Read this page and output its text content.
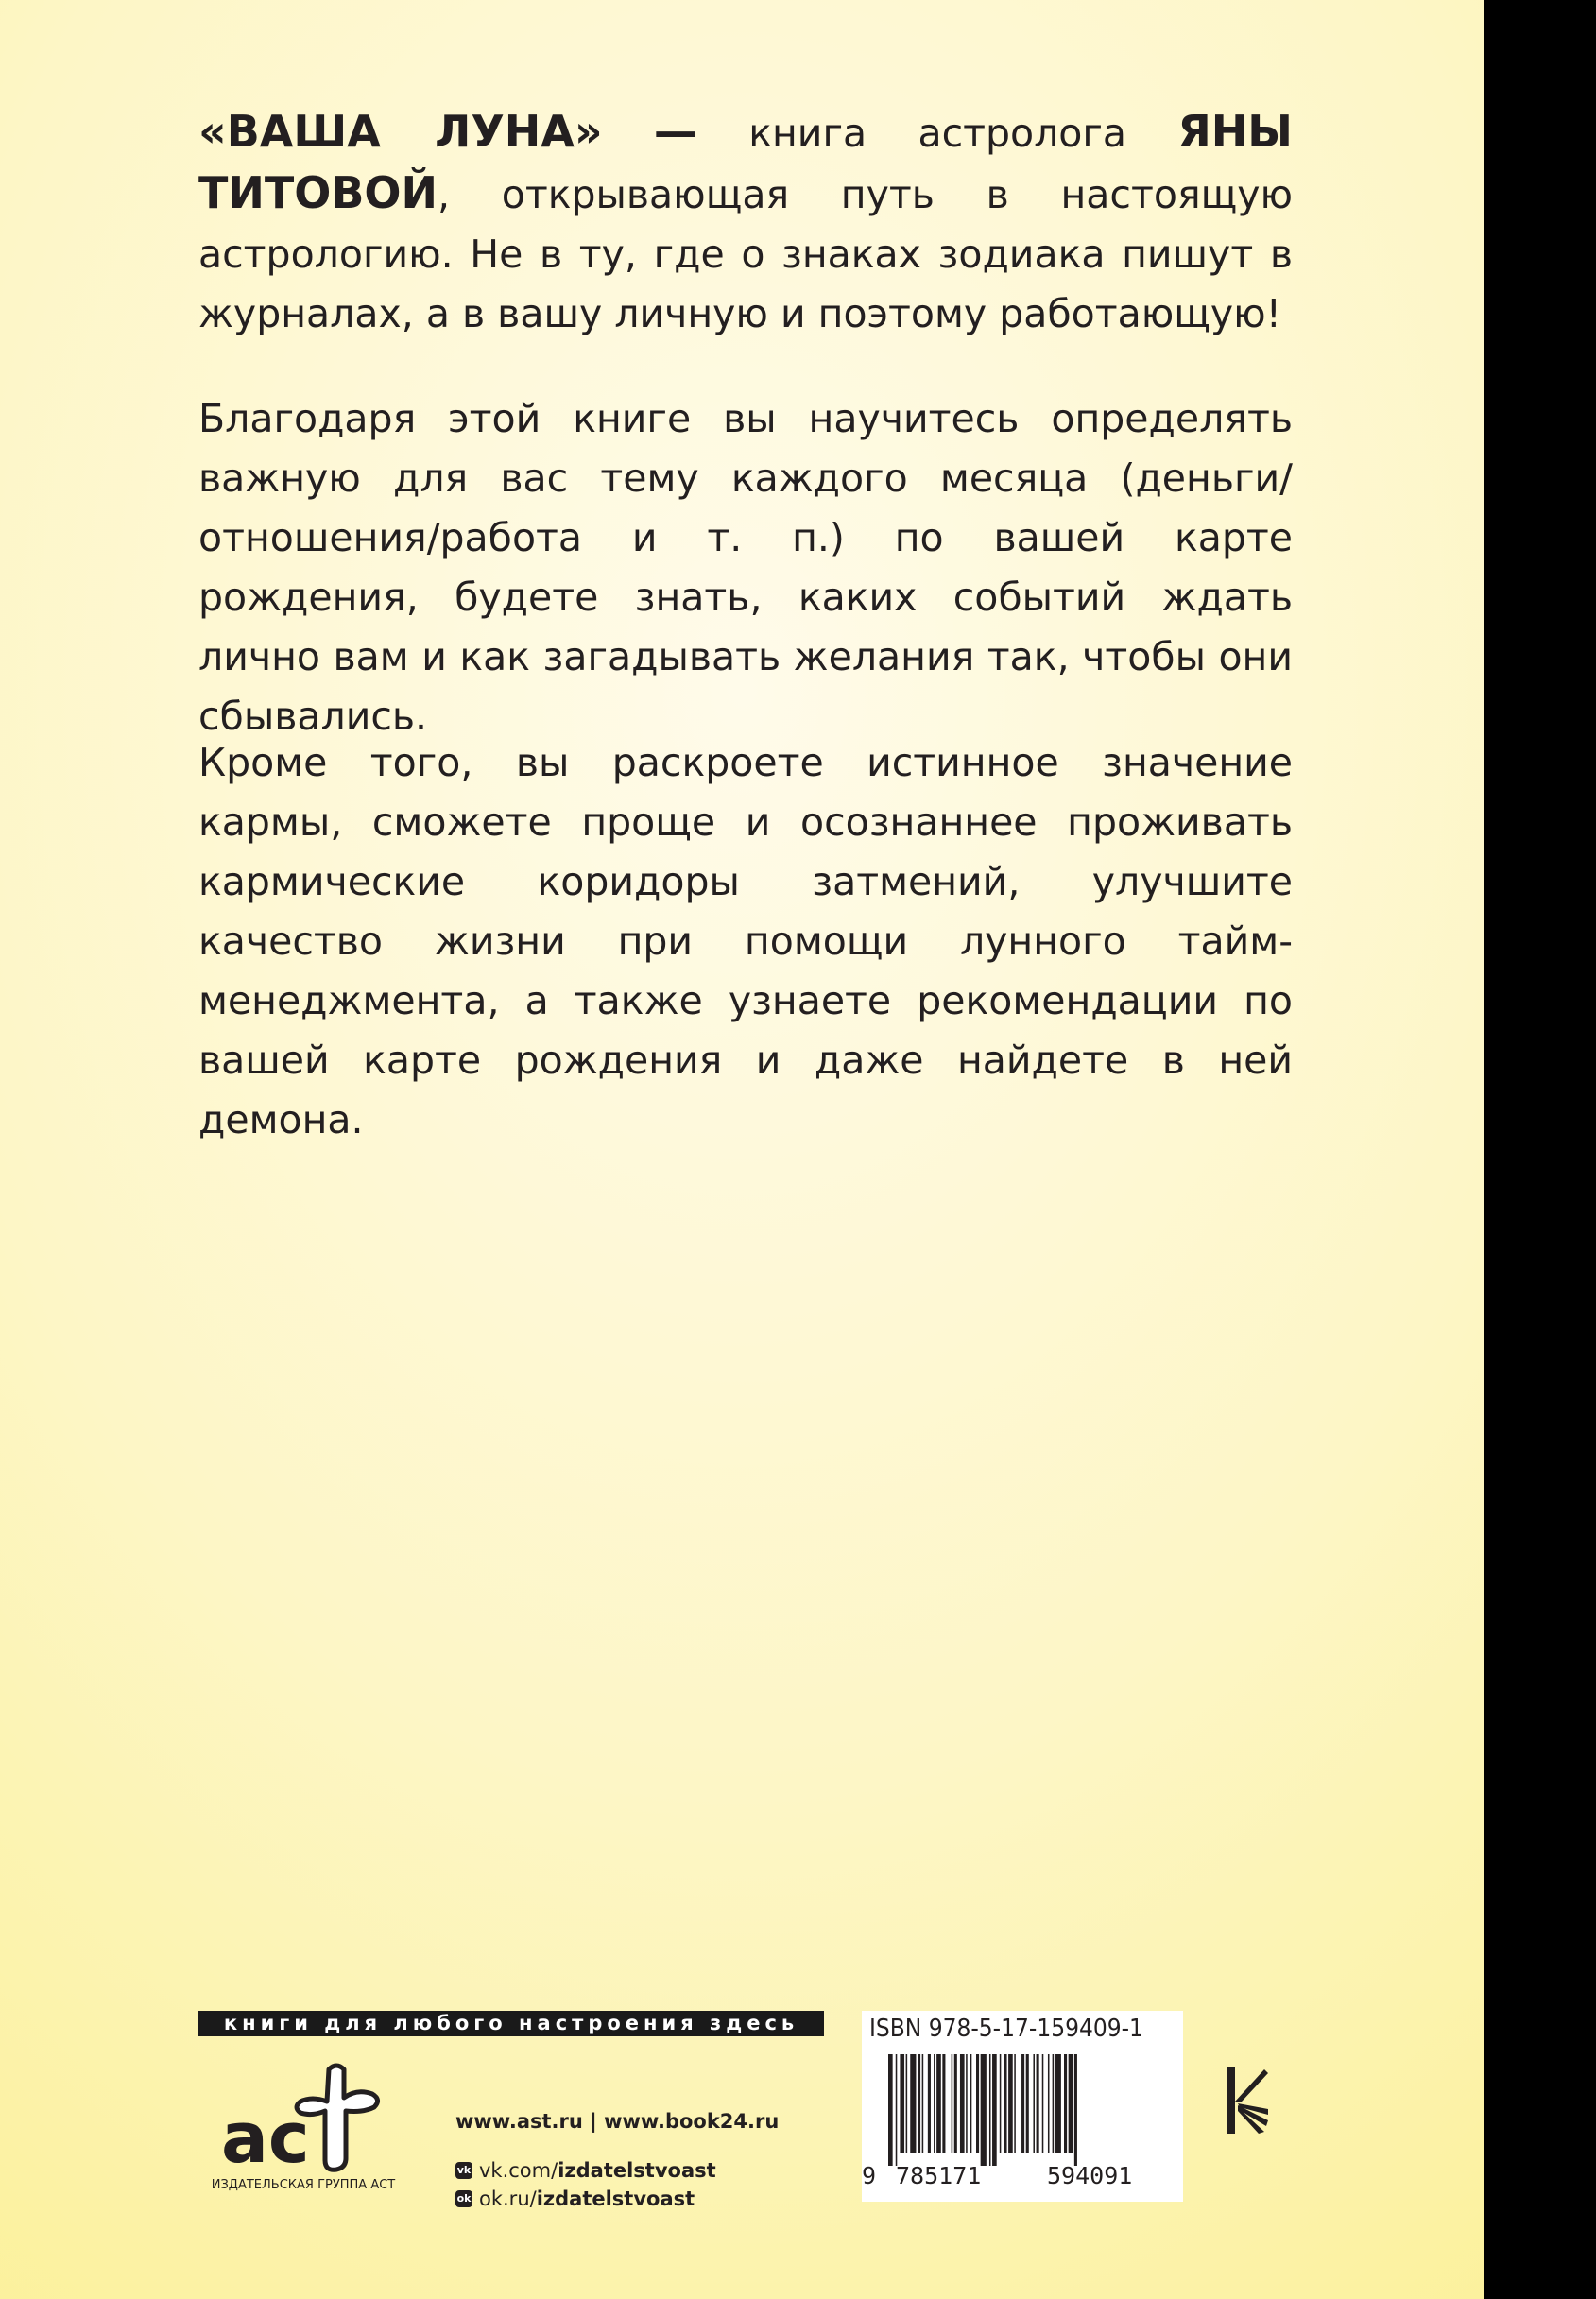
«ВАША ЛУНА» — книга астролога ЯНЫ ТИТОВОЙ, открывающая путь в настоящую астрологию. Не в ту, где о знаках зодиака пишут в журналах, а в вашу личную и поэтому работающую!

Благодаря этой книге вы научитесь определять важную для вас тему каждого месяца (деньги/отношения/работа и т. п.) по вашей карте рождения, будете знать, каких событий ждать лично вам и как загадывать желания так, чтобы они сбывались.

Кроме того, вы раскроете истинное значение кармы, сможете проще и осознаннее проживать кармические коридоры затмений, улучшите качество жизни при помощи лунного тайм-менеджмента, а также узнаете рекомендации по вашей карте рождения и даже найдете в ней демона.

книги для любого настроения здесь
ac
ИЗДАТЕЛЬСКАЯ ГРУППА АСТ
www.ast.ru | www.book24.ru
vk vk.com/ izdatelstvoast
ok ok.ru/ izdatelstvoast
ISBN 978-5-17-159409-1
9 785171	594091
